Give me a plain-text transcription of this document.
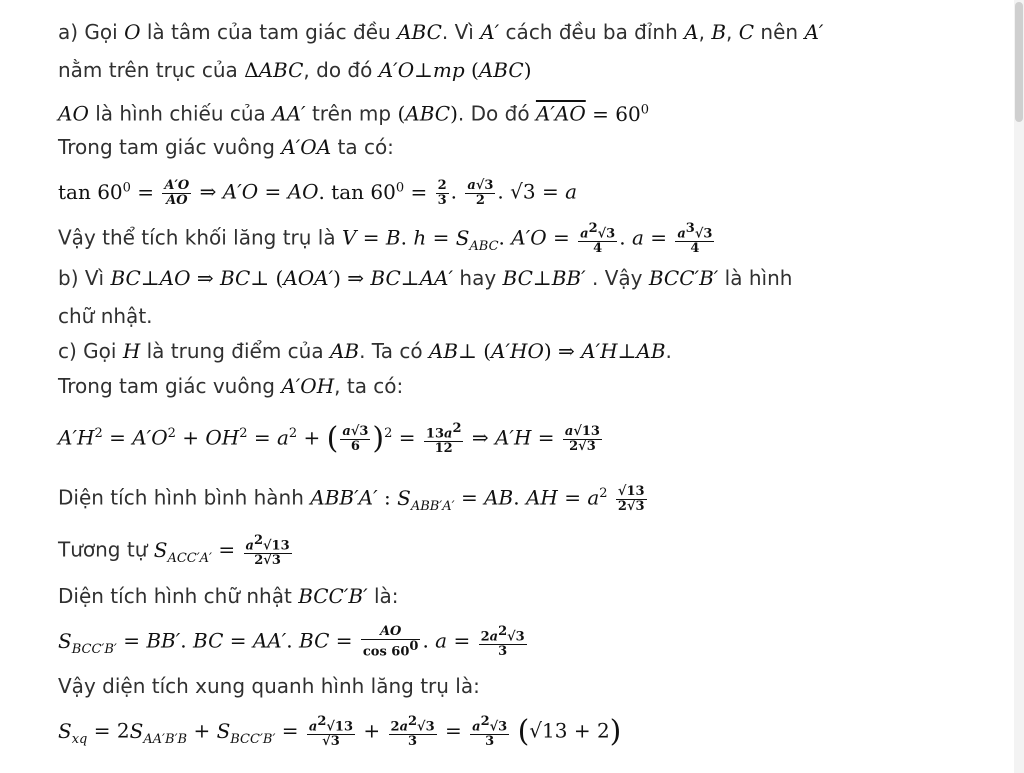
a) Gọi O là tâm của tam giác đều ABC. Vì A′ cách đều ba đỉnh A, B, C nên A′
nằm trên trục của ΔABC, do đó A′O⊥mp (ABC)
AO là hình chiếu của AA′ trên mp (ABC). Do đó $A'AO = 60^0$
Trong tam giác vuông A′OA ta có:
$\tan 60^0 = \frac{A'O}{AO}$ ⇒ A′O = AO. $\tan 60^0 = \frac{2}{3}$ . $\frac{a√3}{2}$ . √3 = a
Vậy thể tích khối lăng trụ là V = B. $h = S_{ABC}$. $A'O = \frac{a^2√3}{4}$ . $a = \frac{a^3√3}{4}$
b) Vì BC⊥AO ⇒ BC⊥ (AOA′) ⇒ BC⊥AA′ hay BC⊥BB′ . Vậy BCC′B′ là hình
chữ nhật.
c) Gọi H là trung điểm của AB. Ta có AB⊥ (A′HO) ⇒ A′H⊥AB.
Trong tam giác vuông A′OH, ta có:
$A'H^2 = A'O^2 + OH^2 = a^2$ + ( $\frac{a√3}{6} )^2 = \frac{13a^2}{12}$ ⇒ $A'H = \frac{a√13}{2√3}$
Diện tích hình bình hành ABB′A′ : $S_{ABB'A'}$ = AB. AH = $a^2 \frac{√13}{2√3}$
Tương tự $S_{ACC'A'} = \frac{a^2√13}{2√3}$
Diện tích hình chữ nhật BCC′B′ là:
$S_{BCC'B'} = BB'$. BC = AA′. BC = $\frac{AO}{\cos 60^0}$ . $a = \frac{2a^2√3}{3}$
Vậy diện tích xung quanh hình lăng trụ là:
$S_{xq} = 2S_{AA'B'B} + S_{BCC'B'} = \frac{a^2√13}{√3} + \frac{2a^2√3}{3} = \frac{a^2√3}{3} (√13 + 2)$
